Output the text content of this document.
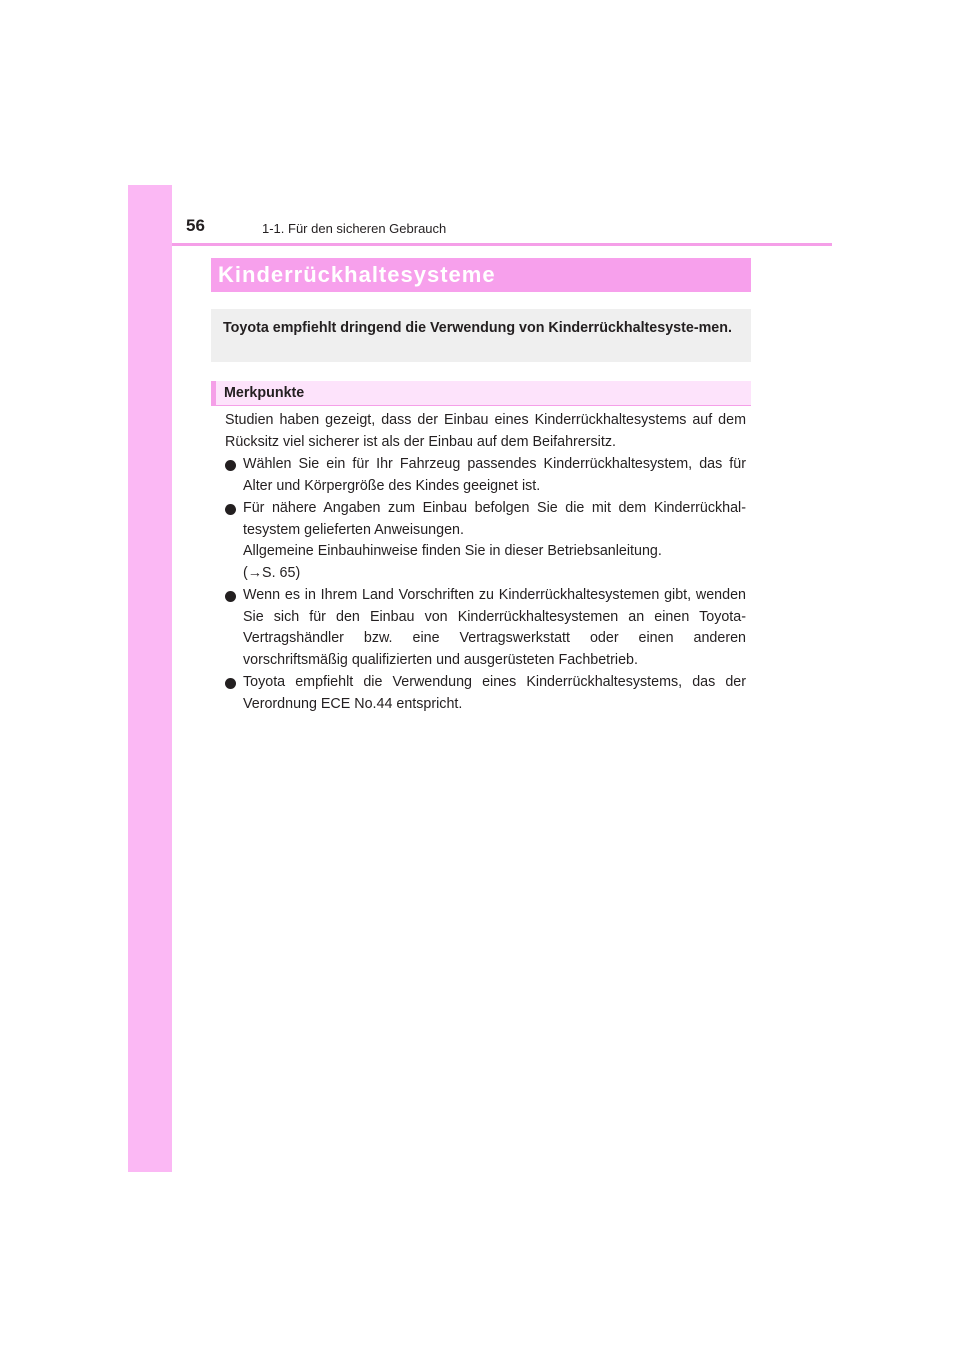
56	1-1. Für den sicheren Gebrauch
Kinderrückhaltesysteme
Toyota empfiehlt dringend die Verwendung von Kinderrückhaltesyste-men.
Merkpunkte

Studien haben gezeigt, dass der Einbau eines Kinderrückhaltesystems auf dem Rücksitz viel sicherer ist als der Einbau auf dem Beifahrersitz.

Wählen Sie ein für Ihr Fahrzeug passendes Kinderrückhaltesystem, das für Alter und Körpergröße des Kindes geeignet ist.
Für nähere Angaben zum Einbau befolgen Sie die mit dem Kinderrückhal-tesystem gelieferten Anweisungen.
Allgemeine Einbauhinweise finden Sie in dieser Betriebsanleitung.
(→S. 65)
Wenn es in Ihrem Land Vorschriften zu Kinderrückhaltesystemen gibt, wenden Sie sich für den Einbau von Kinderrückhaltesystemen an einen Toyota-Vertragshändler bzw. eine Vertragswerkstatt oder einen anderen vorschriftsmäßig qualifizierten und ausgerüsteten Fachbetrieb.
Toyota empfiehlt die Verwendung eines Kinderrückhaltesystems, das der Verordnung ECE No.44 entspricht.
